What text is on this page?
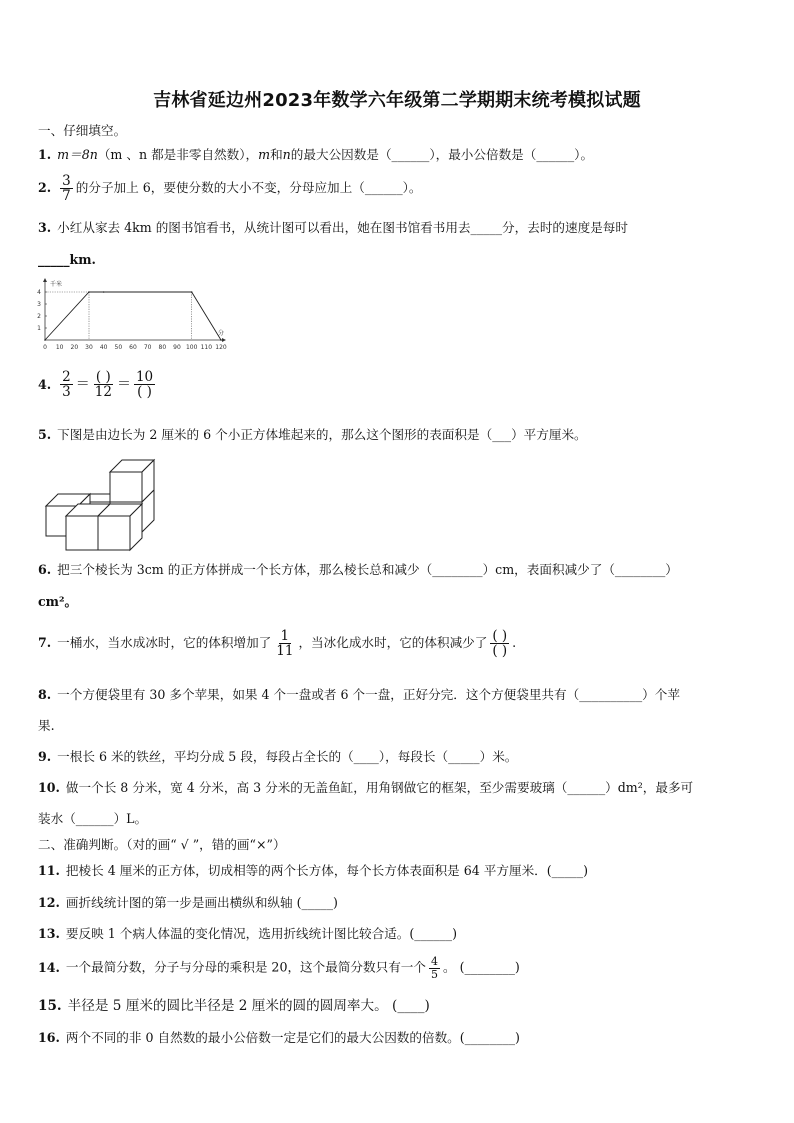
吉林省延边州2023年数学六年级第二学期期末统考模拟试题
一、仔细填空。
1. m＝8n（m 、n 都是非零自然数），m和n的最大公因数是（______），最小公倍数是（______）。
2. $\frac{3}{7}$ 的分子加上 6，要使分数的大小不变，分母应加上（______）。
3. 小红从家去 4km 的图书馆看书，从统计图可以看出，她在图书馆看书用去_____分，去时的速度是每时
_____km.
千米
分
0 10 20 30 40 50 60 70 80 90 100 110 120
1
2
3
4
4. $\frac{2}{3} = \frac{( )}{12} = \frac{10}{( )}$
5. 下图是由边长为 2 厘米的 6 个小正方体堆起来的，那么这个图形的表面积是（___）平方厘米。
6. 把三个棱长为 3cm 的正方体拼成一个长方体，那么棱长总和减少（________）cm，表面积减少了（________）
cm²。
7. 一桶水，当水成冰时，它的体积增加了 $\frac{1}{11}$ ，当冰化成水时，它的体积减少了 $\frac{( )}{( )}$ .
8. 一个方便袋里有 30 多个苹果，如果 4 个一盘或者 6 个一盘，正好分完．这个方便袋里共有（__________）个苹
果.
9. 一根长 6 米的铁丝，平均分成 5 段，每段占全长的（____），每段长（_____）米。
10. 做一个长 8 分米，宽 4 分米，高 3 分米的无盖鱼缸，用角钢做它的框架，至少需要玻璃（______）dm²，最多可
装水（______）L。
二、准确判断。（对的画“ √ ”，错的画“×”）
11. 把棱长 4 厘米的正方体，切成相等的两个长方体，每个长方体表面积是 64 平方厘米．(_____)
12. 画折线统计图的第一步是画出横纵和纵轴 (_____)
13. 要反映 1 个病人体温的变化情况，选用折线统计图比较合适。(______)
14. 一个最简分数，分子与分母的乘积是 20，这个最简分数只有一个 $\frac{4}{5}$ 。 (________)
15. 半径是 5 厘米的圆比半径是 2 厘米的圆的圆周率大。 (____)
16. 两个不同的非 0 自然数的最小公倍数一定是它们的最大公因数的倍数。(________)
